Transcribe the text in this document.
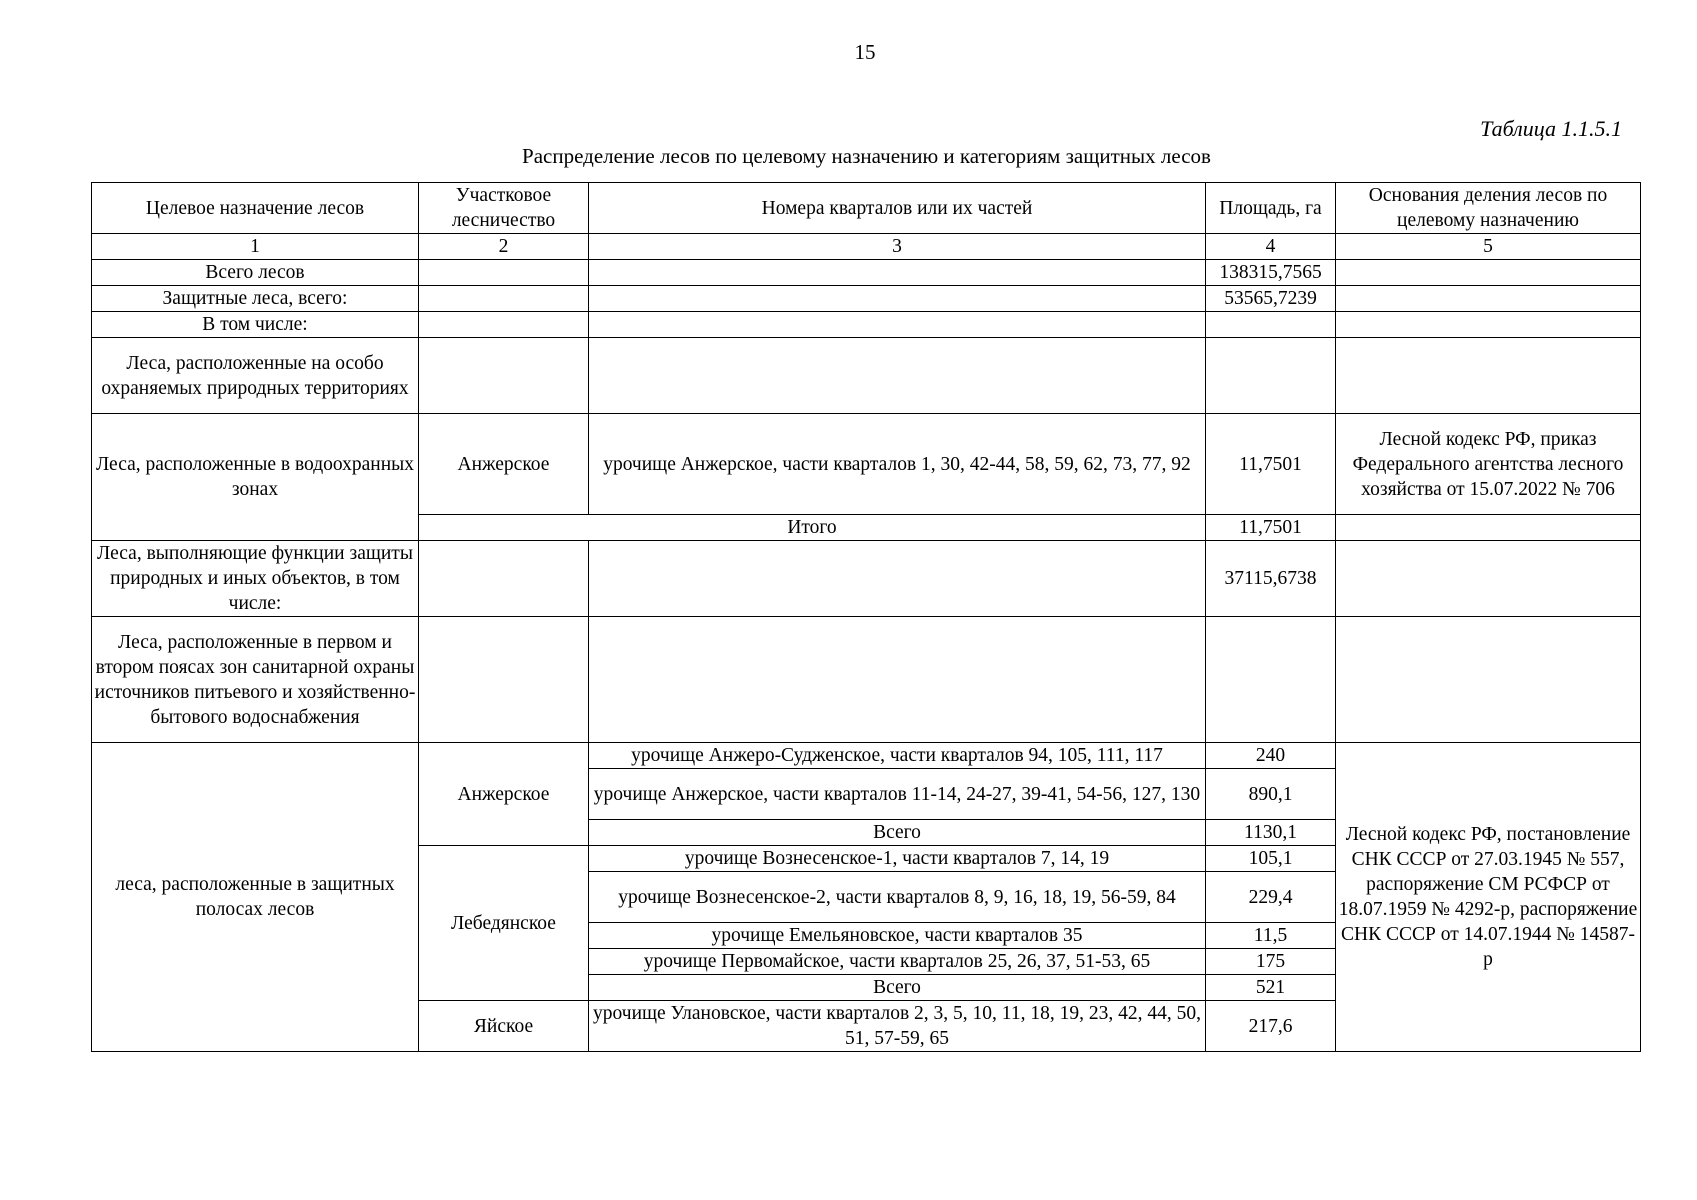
15
Таблица 1.1.5.1
Распределение лесов по целевому назначению и категориям защитных лесов
Целевое назначение лесов	Участковое лесничество	Номера кварталов или их частей	Площадь, га	Основания деления лесов по целевому назначению
1	2	3	4	5
Всего лесов			138315,7565	
Защитные леса, всего:			53565,7239	
В том числе:				
Леса, расположенные на особо охраняемых природных территориях				
Леса, расположенные в водоохранных зонах	Анжерское	урочище Анжерское, части кварталов 1, 30, 42-44, 58, 59, 62, 73, 77, 92	11,7501	Лесной кодекс РФ, приказ Федерального агентства лесного хозяйства от 15.07.2022 № 706
	Итого		11,7501	
Леса, выполняющие функции защиты природных и иных объектов, в том числе:			37115,6738	
Леса, расположенные в первом и втором поясах зон санитарной охраны источников питьевого и хозяйственно-бытового водоснабжения				
леса, расположенные в защитных полосах лесов	Анжерское	урочище Анжеро-Судженское, части кварталов 94, 105, 111, 117	240	Лесной кодекс РФ, постановление СНК СССР от 27.03.1945 № 557, распоряжение СМ РСФСР от 18.07.1959 № 4292-р, распоряжение СНК СССР от 14.07.1944 № 14587-р
		урочище Анжерское, части кварталов 11-14, 24-27, 39-41, 54-56, 127, 130	890,1	
		Всего	1130,1	
	Лебедянское	урочище Вознесенское-1, части кварталов 7, 14, 19	105,1	
		урочище Вознесенское-2, части кварталов 8, 9, 16, 18, 19, 56-59, 84	229,4	
		урочище Емельяновское, части кварталов 35	11,5	
		урочище Первомайское, части кварталов 25, 26, 37, 51-53, 65	175	
		Всего	521	
	Яйское	урочище Улановское, части кварталов 2, 3, 5, 10, 11, 18, 19, 23, 42, 44, 50, 51, 57-59, 65	217,6	
